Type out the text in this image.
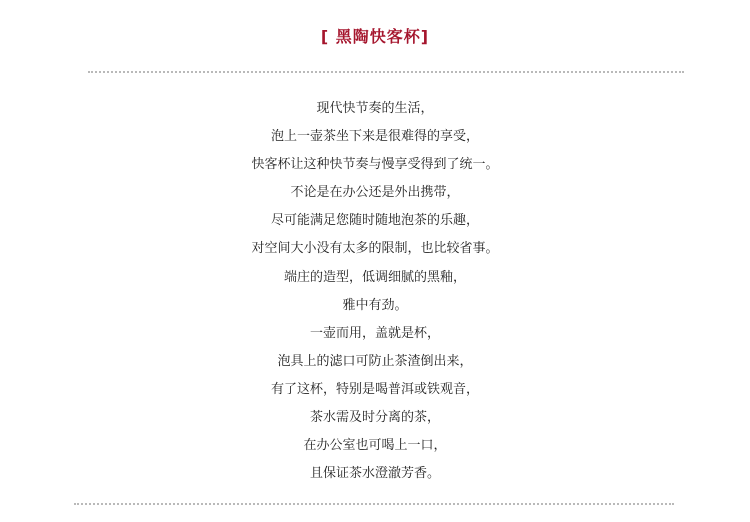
[ 黑陶快客杯]
现代快节奏的生活，
泡上一壶茶坐下来是很难得的享受，
快客杯让这种快节奏与慢享受得到了统一。
不论是在办公还是外出携带，
尽可能满足您随时随地泡茶的乐趣，
对空间大小没有太多的限制，也比较省事。
端庄的造型，低调细腻的黑釉，
雅中有劲。
一壶而用，盖就是杯，
泡具上的滤口可防止茶渣倒出来，
有了这杯，特别是喝普洱或铁观音，
茶水需及时分离的茶，
在办公室也可喝上一口，
且保证茶水澄澈芳香。
